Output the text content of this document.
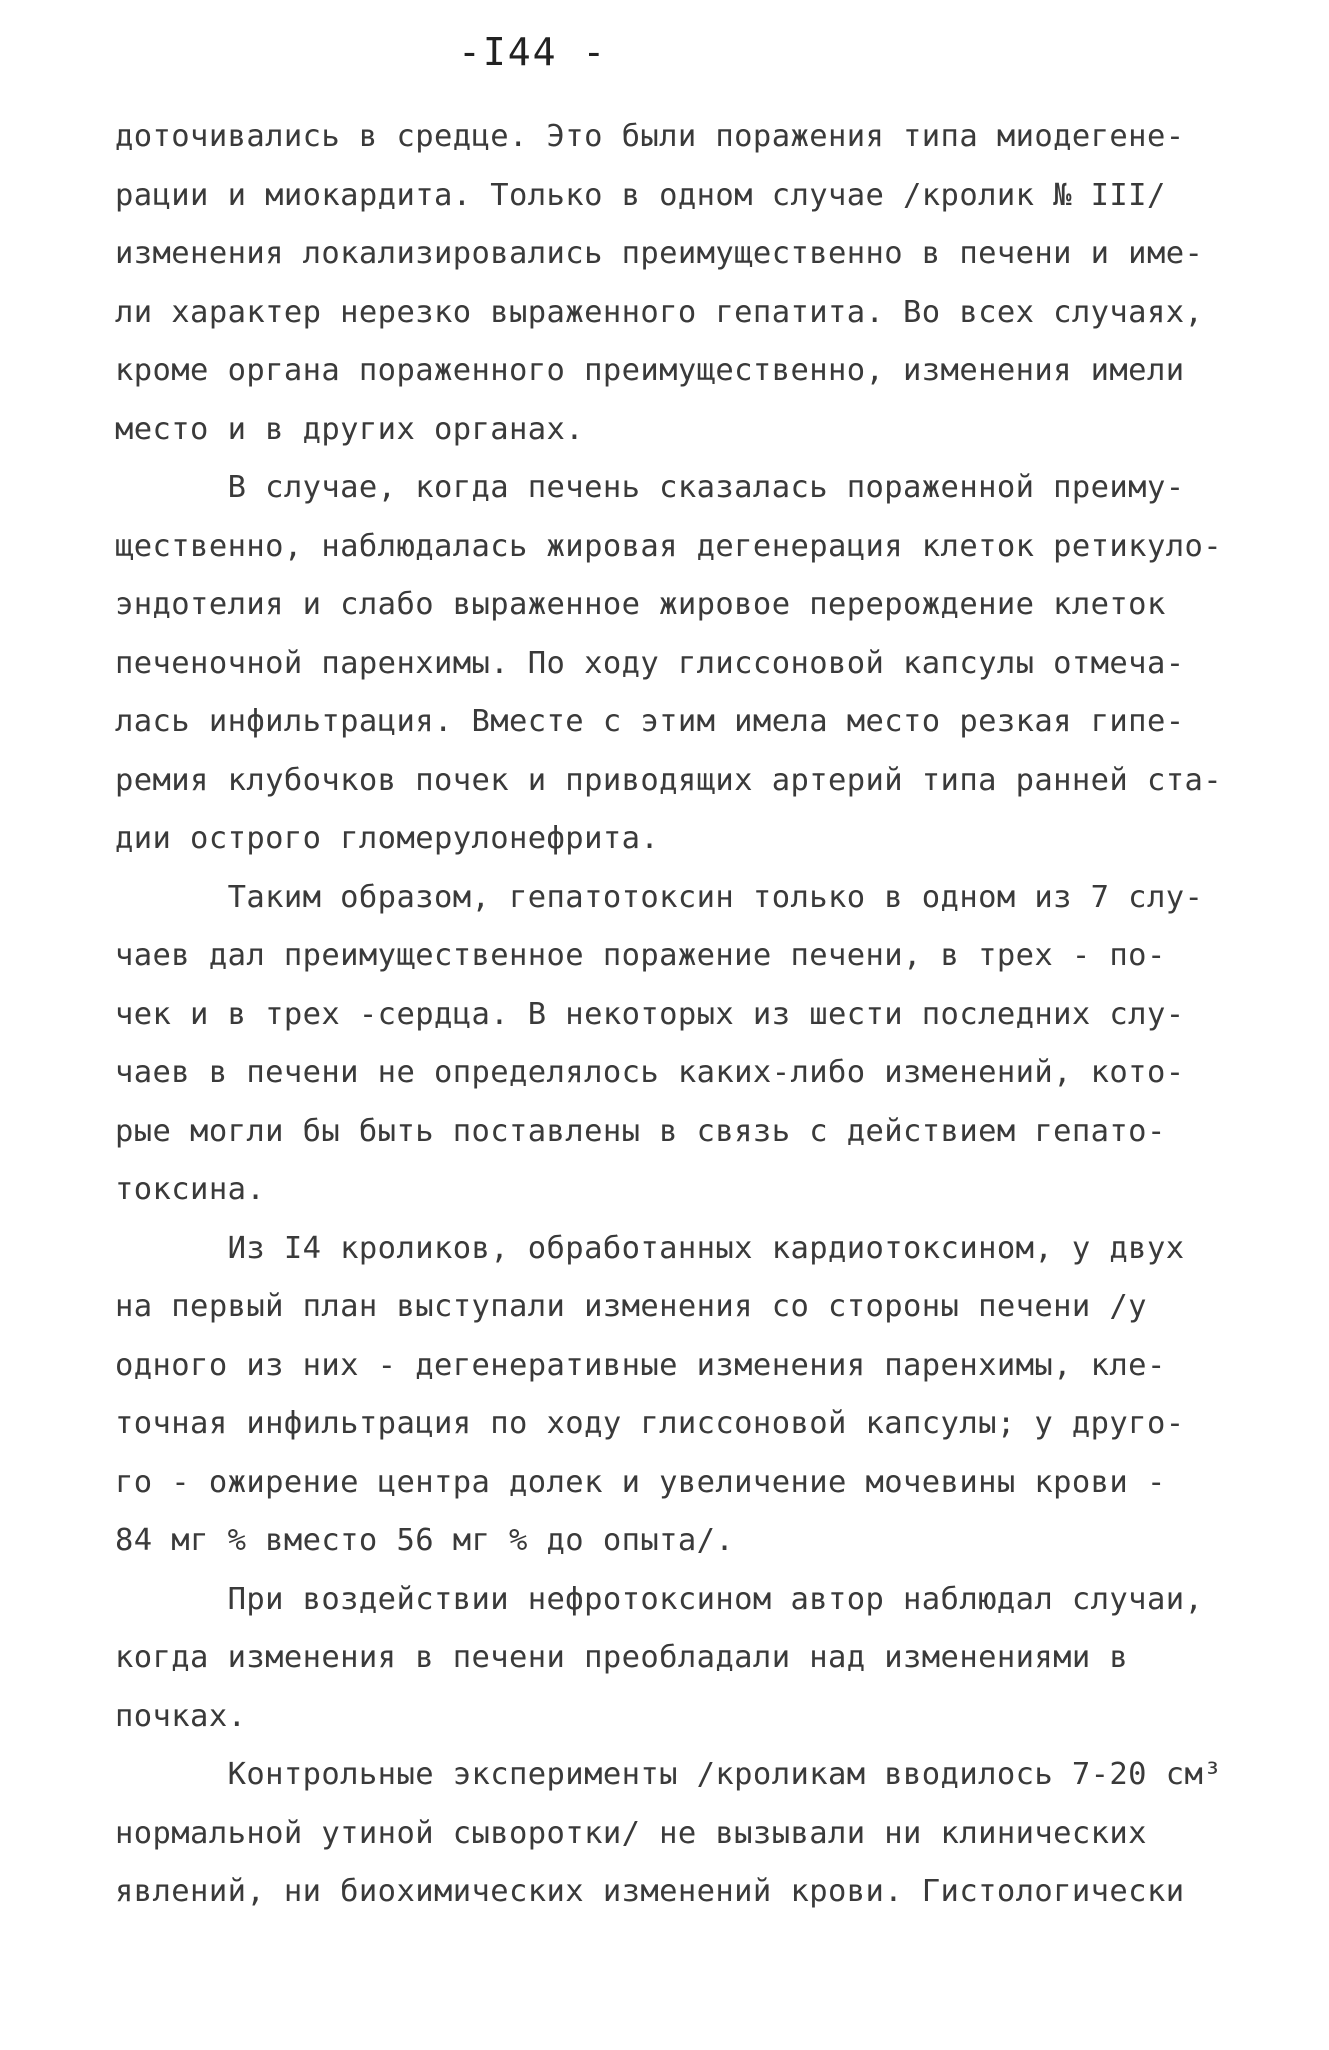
-I44 -
доточивались в средце. Это были поражения типа миодегене-
рации и миокардита. Только в одном случае /кролик № III/
изменения локализировались преимущественно в печени и име-
ли характер нерезко выраженного гепатита. Во всех случаях,
кроме органа пораженного преимущественно, изменения имели
место и в других органах.
В случае, когда печень сказалась пораженной преиму-
щественно, наблюдалась жировая дегенерация клеток ретикуло-
эндотелия и слабо выраженное жировое перерождение клеток
печеночной паренхимы. По ходу глиссоновой капсулы отмеча-
лась инфильтрация. Вместе с этим имела место резкая гипе-
ремия клубочков почек и приводящих артерий типа ранней ста-
дии острого гломерулонефрита.
Таким образом, гепатотоксин только в одном из 7 слу-
чаев дал преимущественное поражение печени, в трех - по-
чек и в трех -сердца. В некоторых из шести последних слу-
чаев в печени не определялось каких-либо изменений, кото-
рые могли бы быть поставлены в связь с действием гепато-
токсина.
Из I4 кроликов, обработанных кардиотоксином, у двух
на первый план выступали изменения со стороны печени /у
одного из них - дегенеративные изменения паренхимы, кле-
точная инфильтрация по ходу глиссоновой капсулы; у друго-
го - ожирение центра долек и увеличение мочевины крови -
84 мг % вместо 56 мг % до опыта/.
При воздействии нефротоксином автор наблюдал случаи,
когда изменения в печени преобладали над изменениями в
почках.
Контрольные эксперименты /кроликам вводилось 7-20 см³
нормальной утиной сыворотки/ не вызывали ни клинических
явлений, ни биохимических изменений крови. Гистологически
